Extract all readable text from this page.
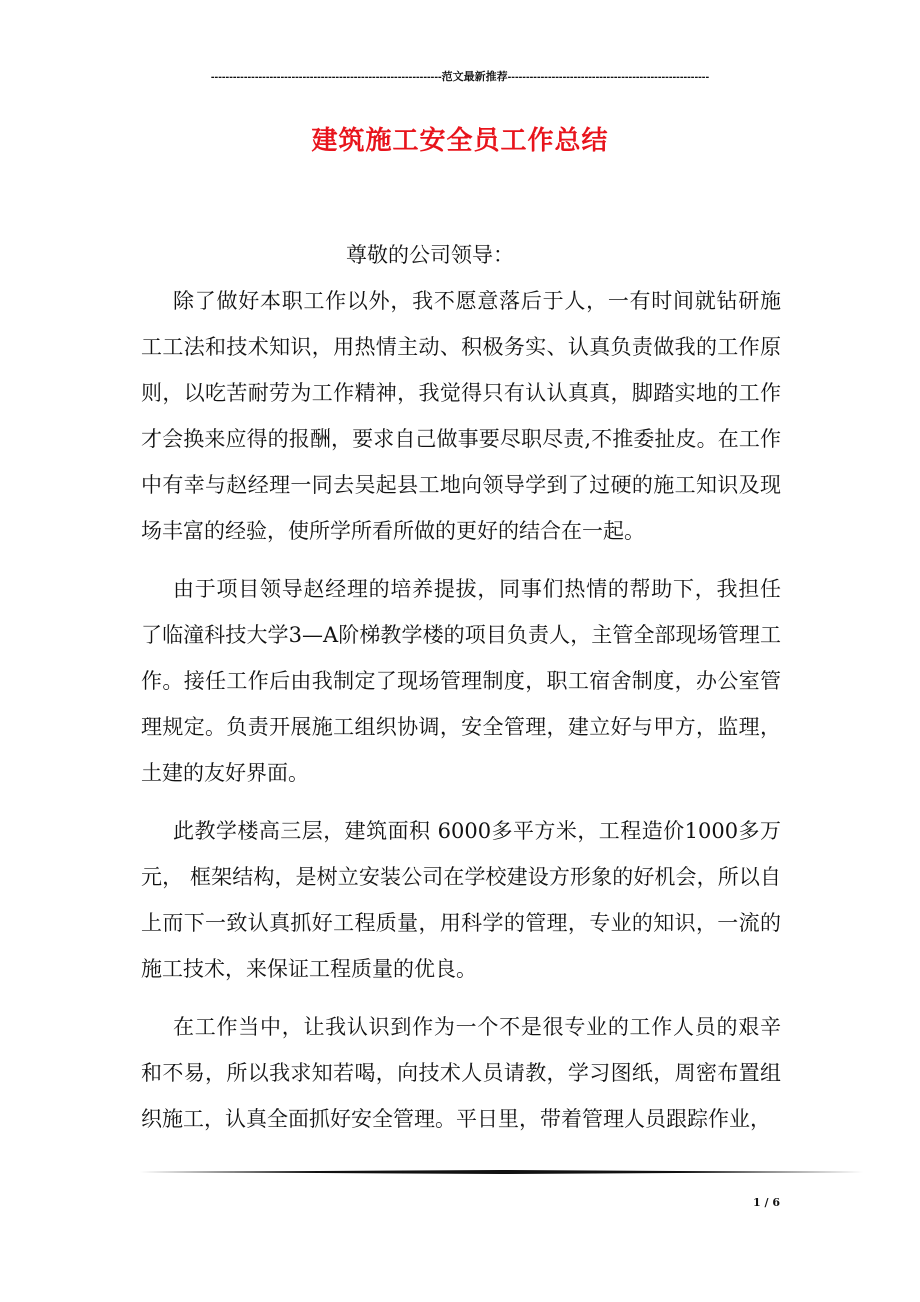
---------------------------------------------------------------范文最新推荐-------------------------------------------------------
建筑施工安全员工作总结

尊敬的公司领导：

除了做好本职工作以外，我不愿意落后于人，一有时间就钻研施工工法和技术知识，用热情主动、积极务实、认真负责做我的工作原则，以吃苦耐劳为工作精神，我觉得只有认认真真，脚踏实地的工作才会换来应得的报酬，要求自己做事要尽职尽责,不推委扯皮。在工作中有幸与赵经理一同去吴起县工地向领导学到了过硬的施工知识及现场丰富的经验，使所学所看所做的更好的结合在一起。

由于项目领导赵经理的培养提拔，同事们热情的帮助下，我担任了临潼科技大学3—A阶梯教学楼的项目负责人，主管全部现场管理工作。接任工作后由我制定了现场管理制度，职工宿舍制度，办公室管理规定。负责开展施工组织协调，安全管理，建立好与甲方，监理，土建的友好界面。

此教学楼高三层，建筑面积 6000多平方米，工程造价1000多万元， 框架结构，是树立安装公司在学校建设方形象的好机会，所以自上而下一致认真抓好工程质量，用科学的管理，专业的知识，一流的施工技术，来保证工程质量的优良。

在工作当中，让我认识到作为一个不是很专业的工作人员的艰辛和不易，所以我求知若喝，向技术人员请教，学习图纸，周密布置组织施工，认真全面抓好安全管理。平日里，带着管理人员跟踪作业，

1 / 6
